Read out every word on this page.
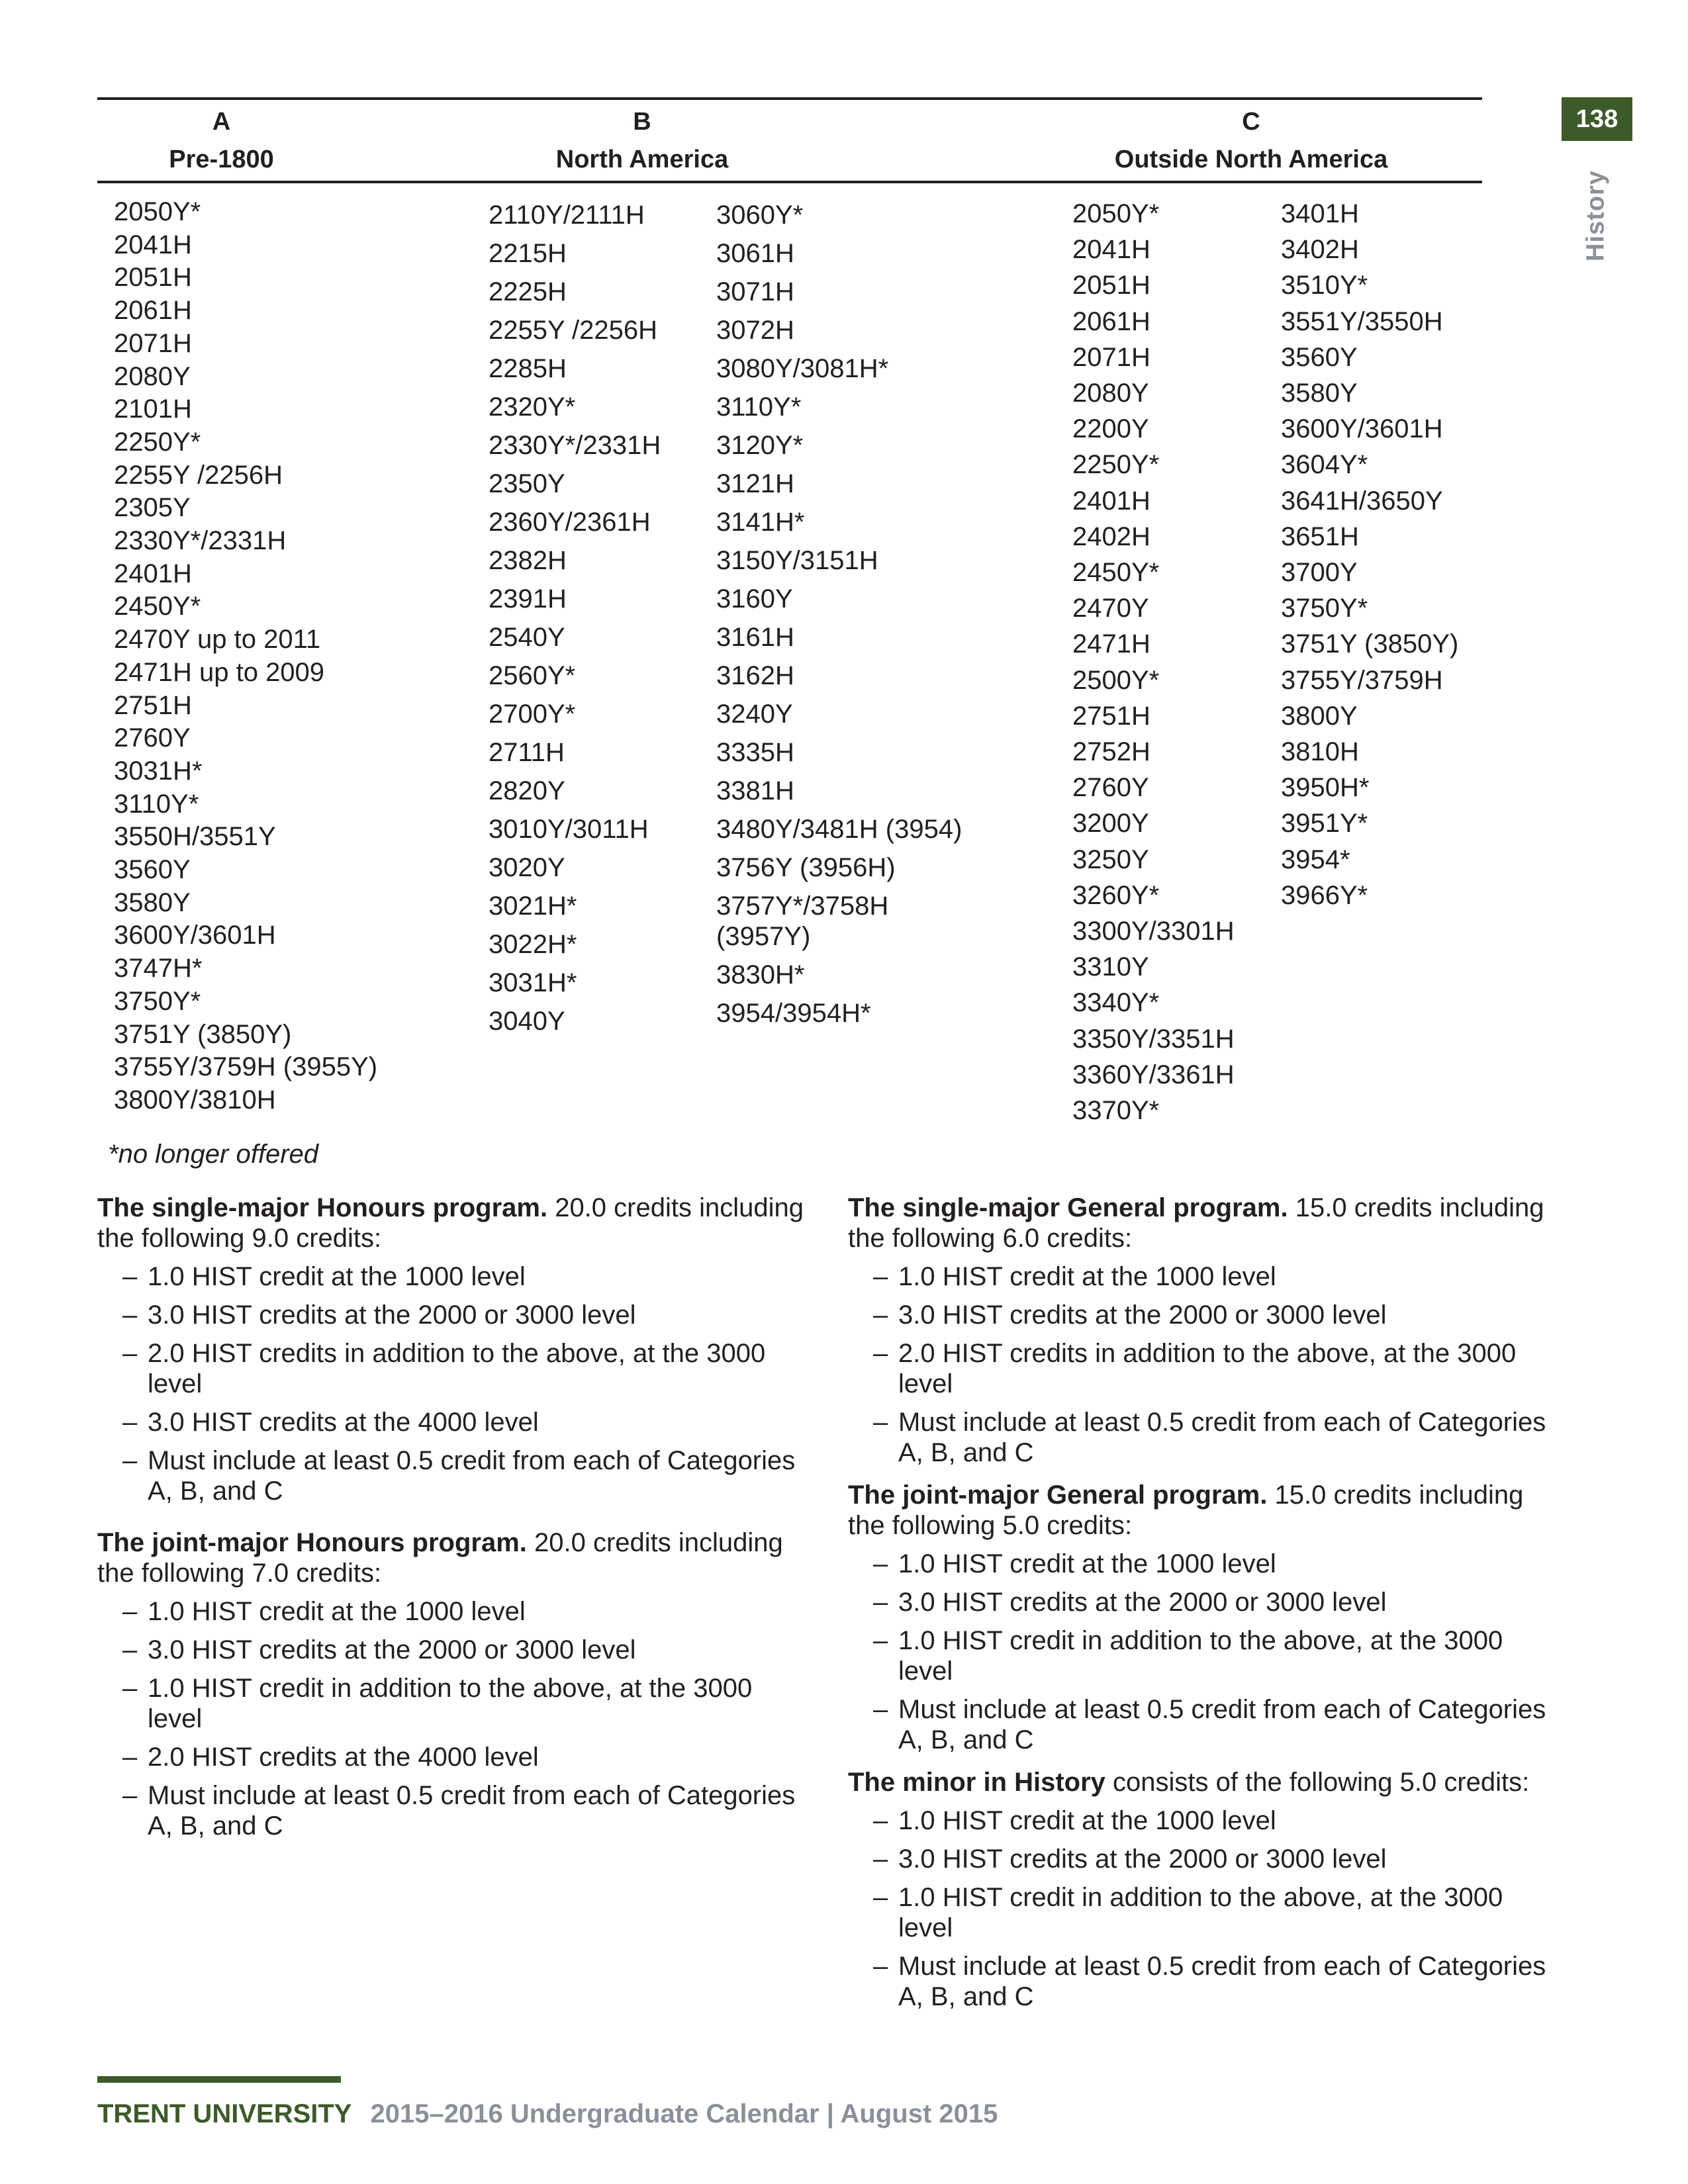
138
History
A
Pre-1800
B
North America
C
Outside North America
2050Y*
2041H
2051H
2061H
2071H
2080Y
2101H
2250Y*
2255Y /2256H
2305Y
2330Y*/2331H
2401H
2450Y*
2470Y up to 2011
2471H up to 2009
2751H
2760Y
3031H*
3110Y*
3550H/3551Y
3560Y
3580Y
3600Y/3601H
3747H*
3750Y*
3751Y (3850Y)
3755Y/3759H (3955Y)
3800Y/3810H
2110Y/2111H
2215H
2225H
2255Y /2256H
2285H
2320Y*
2330Y*/2331H
2350Y
2360Y/2361H
2382H
2391H
2540Y
2560Y*
2700Y*
2711H
2820Y
3010Y/3011H
3020Y
3021H*
3022H*
3031H*
3040Y
3060Y*
3061H
3071H
3072H
3080Y/3081H*
3110Y*
3120Y*
3121H
3141H*
3150Y/3151H
3160Y
3161H
3162H
3240Y
3335H
3381H
3480Y/3481H (3954)
3756Y (3956H)
3757Y*/3758H
(3957Y)
3830H*
3954/3954H*
2050Y*
2041H
2051H
2061H
2071H
2080Y
2200Y
2250Y*
2401H
2402H
2450Y*
2470Y
2471H
2500Y*
2751H
2752H
2760Y
3200Y
3250Y
3260Y*
3300Y/3301H
3310Y
3340Y*
3350Y/3351H
3360Y/3361H
3370Y*
3401H
3402H
3510Y*
3551Y/3550H
3560Y
3580Y
3600Y/3601H
3604Y*
3641H/3650Y
3651H
3700Y
3750Y*
3751Y (3850Y)
3755Y/3759H
3800Y
3810H
3950H*
3951Y*
3954*
3966Y*
*no longer offered
The single-major Honours program. 20.0 credits including the following 9.0 credits:
– 1.0 HIST credit at the 1000 level
– 3.0 HIST credits at the 2000 or 3000 level
– 2.0 HIST credits in addition to the above, at the 3000 level
– 3.0 HIST credits at the 4000 level
– Must include at least 0.5 credit from each of Categories A, B, and C
The joint-major Honours program. 20.0 credits including the following 7.0 credits:
– 1.0 HIST credit at the 1000 level
– 3.0 HIST credits at the 2000 or 3000 level
– 1.0 HIST credit in addition to the above, at the 3000 level
– 2.0 HIST credits at the 4000 level
– Must include at least 0.5 credit from each of Categories A, B, and C
The single-major General program. 15.0 credits including the following 6.0 credits:
– 1.0 HIST credit at the 1000 level
– 3.0 HIST credits at the 2000 or 3000 level
– 2.0 HIST credits in addition to the above, at the 3000 level
– Must include at least 0.5 credit from each of Categories A, B, and C
The joint-major General program. 15.0 credits including the following 5.0 credits:
– 1.0 HIST credit at the 1000 level
– 3.0 HIST credits at the 2000 or 3000 level
– 1.0 HIST credit in addition to the above, at the 3000 level
– Must include at least 0.5 credit from each of Categories A, B, and C
The minor in History consists of the following 5.0 credits:
– 1.0 HIST credit at the 1000 level
– 3.0 HIST credits at the 2000 or 3000 level
– 1.0 HIST credit in addition to the above, at the 3000 level
– Must include at least 0.5 credit from each of Categories A, B, and C
TRENT UNIVERSITY 2015–2016 Undergraduate Calendar | August 2015
